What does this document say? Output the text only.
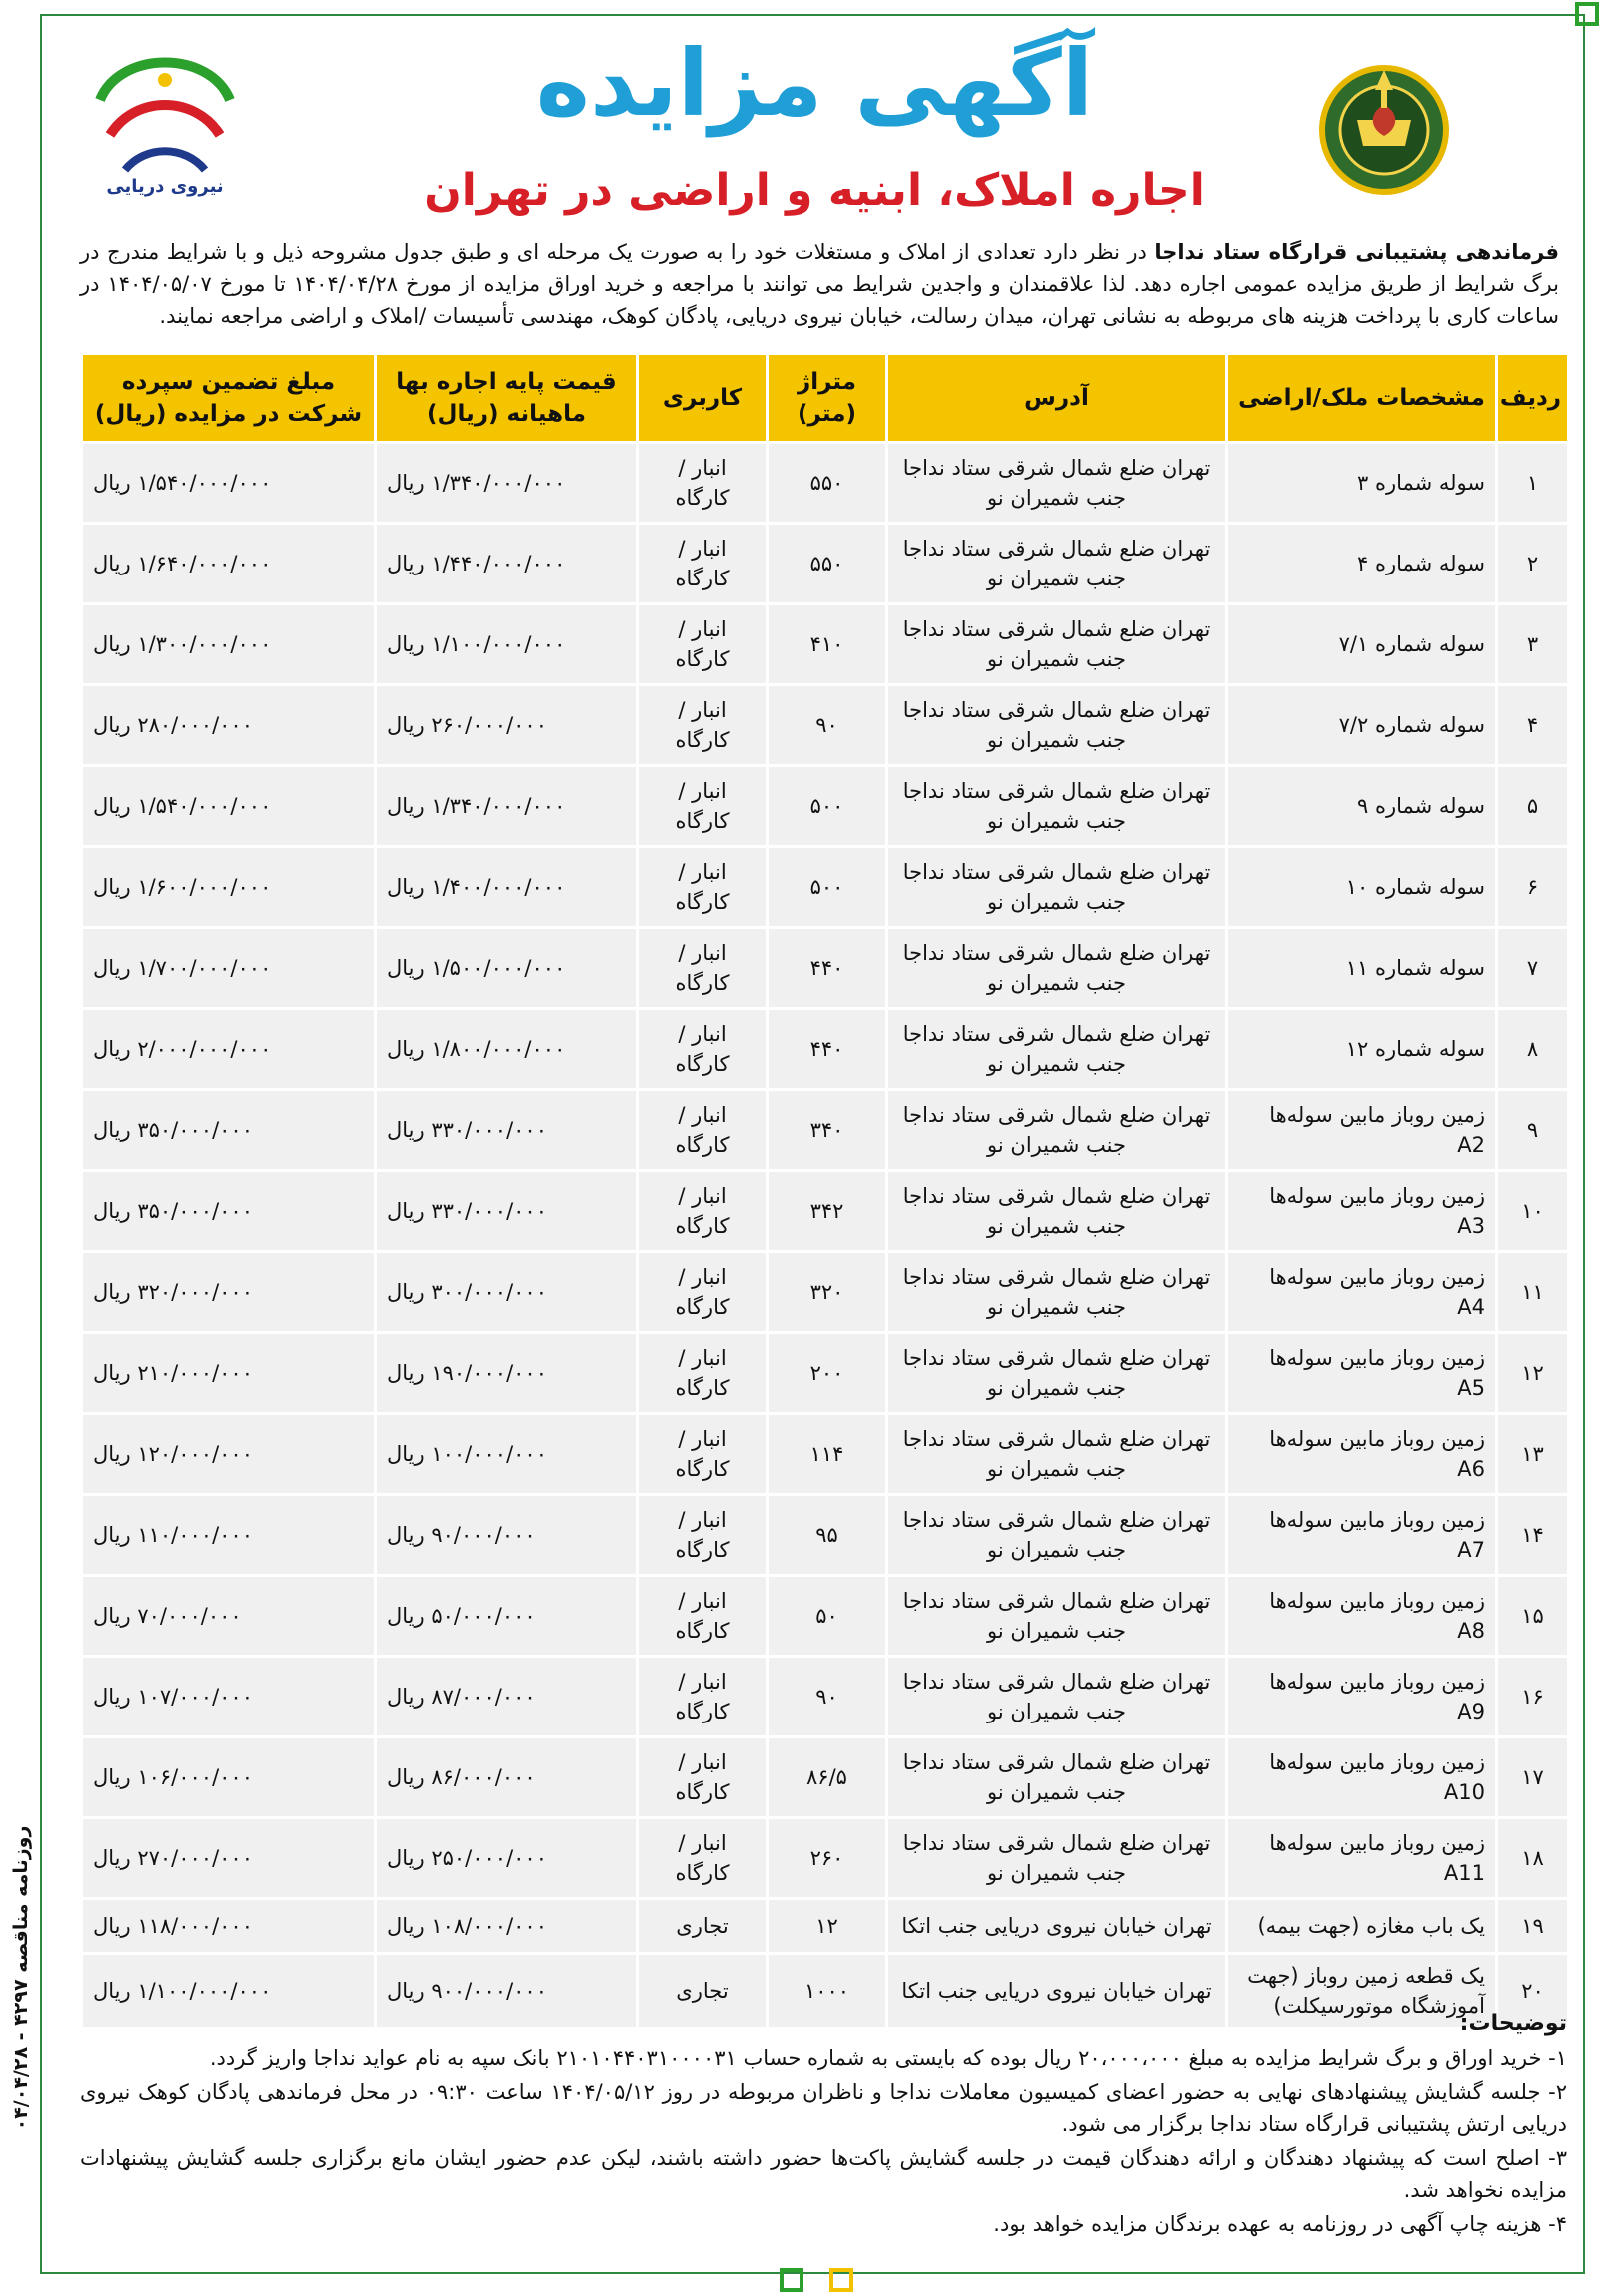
آگهی مزایده
اجاره املاک، ابنیه و اراضی در تهران
نیروی دریایی
فرماندهی پشتیبانی قرارگاه ستاد نداجا در نظر دارد تعدادی از املاک و مستغلات خود را به صورت یک مرحله ای و طبق جدول مشروحه ذیل و با شرایط مندرج در برگ شرایط از طریق مزایده عمومی اجاره دهد. لذا علاقمندان و واجدین شرایط می توانند با مراجعه و خرید اوراق مزایده از مورخ ۱۴۰۴/۰۴/۲۸ تا مورخ ۱۴۰۴/۰۵/۰۷ در ساعات کاری با پرداخت هزینه های مربوطه به نشانی تهران، میدان رسالت، خیابان نیروی دریایی، پادگان کوهک، مهندسی تأسیسات /املاک و اراضی مراجعه نمایند.
ردیف	مشخصات ملک/اراضی	آدرس	متراژ (متر)	کاربری	قیمت پایه اجاره بها ماهیانه (ریال)	مبلغ تضمین سپرده شرکت در مزایده (ریال)
۱	سوله شماره ۳	تهران ضلع شمال شرقی ستاد نداجا جنب شمیران نو	۵۵۰	انبار / کارگاه	۱/۳۴۰/۰۰۰/۰۰۰ ریال	۱/۵۴۰/۰۰۰/۰۰۰ ریال
۲	سوله شماره ۴	تهران ضلع شمال شرقی ستاد نداجا جنب شمیران نو	۵۵۰	انبار / کارگاه	۱/۴۴۰/۰۰۰/۰۰۰ ریال	۱/۶۴۰/۰۰۰/۰۰۰ ریال
۳	سوله شماره ۷/۱	تهران ضلع شمال شرقی ستاد نداجا جنب شمیران نو	۴۱۰	انبار / کارگاه	۱/۱۰۰/۰۰۰/۰۰۰ ریال	۱/۳۰۰/۰۰۰/۰۰۰ ریال
۴	سوله شماره ۷/۲	تهران ضلع شمال شرقی ستاد نداجا جنب شمیران نو	۹۰	انبار / کارگاه	۲۶۰/۰۰۰/۰۰۰ ریال	۲۸۰/۰۰۰/۰۰۰ ریال
۵	سوله شماره ۹	تهران ضلع شمال شرقی ستاد نداجا جنب شمیران نو	۵۰۰	انبار / کارگاه	۱/۳۴۰/۰۰۰/۰۰۰ ریال	۱/۵۴۰/۰۰۰/۰۰۰ ریال
۶	سوله شماره ۱۰	تهران ضلع شمال شرقی ستاد نداجا جنب شمیران نو	۵۰۰	انبار / کارگاه	۱/۴۰۰/۰۰۰/۰۰۰ ریال	۱/۶۰۰/۰۰۰/۰۰۰ ریال
۷	سوله شماره ۱۱	تهران ضلع شمال شرقی ستاد نداجا جنب شمیران نو	۴۴۰	انبار / کارگاه	۱/۵۰۰/۰۰۰/۰۰۰ ریال	۱/۷۰۰/۰۰۰/۰۰۰ ریال
۸	سوله شماره ۱۲	تهران ضلع شمال شرقی ستاد نداجا جنب شمیران نو	۴۴۰	انبار / کارگاه	۱/۸۰۰/۰۰۰/۰۰۰ ریال	۲/۰۰۰/۰۰۰/۰۰۰ ریال
۹	زمین روباز مابین سوله‌ها A2	تهران ضلع شمال شرقی ستاد نداجا جنب شمیران نو	۳۴۰	انبار / کارگاه	۳۳۰/۰۰۰/۰۰۰ ریال	۳۵۰/۰۰۰/۰۰۰ ریال
۱۰	زمین روباز مابین سوله‌ها A3	تهران ضلع شمال شرقی ستاد نداجا جنب شمیران نو	۳۴۲	انبار / کارگاه	۳۳۰/۰۰۰/۰۰۰ ریال	۳۵۰/۰۰۰/۰۰۰ ریال
۱۱	زمین روباز مابین سوله‌ها A4	تهران ضلع شمال شرقی ستاد نداجا جنب شمیران نو	۳۲۰	انبار / کارگاه	۳۰۰/۰۰۰/۰۰۰ ریال	۳۲۰/۰۰۰/۰۰۰ ریال
۱۲	زمین روباز مابین سوله‌ها A5	تهران ضلع شمال شرقی ستاد نداجا جنب شمیران نو	۲۰۰	انبار / کارگاه	۱۹۰/۰۰۰/۰۰۰ ریال	۲۱۰/۰۰۰/۰۰۰ ریال
۱۳	زمین روباز مابین سوله‌ها A6	تهران ضلع شمال شرقی ستاد نداجا جنب شمیران نو	۱۱۴	انبار / کارگاه	۱۰۰/۰۰۰/۰۰۰ ریال	۱۲۰/۰۰۰/۰۰۰ ریال
۱۴	زمین روباز مابین سوله‌ها A7	تهران ضلع شمال شرقی ستاد نداجا جنب شمیران نو	۹۵	انبار / کارگاه	۹۰/۰۰۰/۰۰۰ ریال	۱۱۰/۰۰۰/۰۰۰ ریال
۱۵	زمین روباز مابین سوله‌ها A8	تهران ضلع شمال شرقی ستاد نداجا جنب شمیران نو	۵۰	انبار / کارگاه	۵۰/۰۰۰/۰۰۰ ریال	۷۰/۰۰۰/۰۰۰ ریال
۱۶	زمین روباز مابین سوله‌ها A9	تهران ضلع شمال شرقی ستاد نداجا جنب شمیران نو	۹۰	انبار / کارگاه	۸۷/۰۰۰/۰۰۰ ریال	۱۰۷/۰۰۰/۰۰۰ ریال
۱۷	زمین روباز مابین سوله‌ها A10	تهران ضلع شمال شرقی ستاد نداجا جنب شمیران نو	۸۶/۵	انبار / کارگاه	۸۶/۰۰۰/۰۰۰ ریال	۱۰۶/۰۰۰/۰۰۰ ریال
۱۸	زمین روباز مابین سوله‌ها A11	تهران ضلع شمال شرقی ستاد نداجا جنب شمیران نو	۲۶۰	انبار / کارگاه	۲۵۰/۰۰۰/۰۰۰ ریال	۲۷۰/۰۰۰/۰۰۰ ریال
۱۹	یک باب مغازه (جهت بیمه)	تهران خیابان نیروی دریایی جنب اتکا	۱۲	تجاری	۱۰۸/۰۰۰/۰۰۰ ریال	۱۱۸/۰۰۰/۰۰۰ ریال
۲۰	یک قطعه زمین روباز (جهت آموزشگاه موتورسیکلت)	تهران خیابان نیروی دریایی جنب اتکا	۱۰۰۰	تجاری	۹۰۰/۰۰۰/۰۰۰ ریال	۱/۱۰۰/۰۰۰/۰۰۰ ریال
توضیحات:

۱- خرید اوراق و برگ شرایط مزایده به مبلغ ۲۰،۰۰۰،۰۰۰ ریال بوده که بایستی به شماره حساب ۲۱۰۱۰۴۴۰۳۱۰۰۰۰۳۱ بانک سپه به نام عواید نداجا واریز گردد.

۲- جلسه گشایش پیشنهادهای نهایی به حضور اعضای کمیسیون معاملات نداجا و ناظران مربوطه در روز ۱۴۰۴/۰۵/۱۲ ساعت ۰۹:۳۰ در محل فرماندهی پادگان کوهک نیروی دریایی ارتش پشتیبانی قرارگاه ستاد نداجا برگزار می شود.

۳- اصلح است که پیشنهاد دهندگان و ارائه دهندگان قیمت در جلسه گشایش پاکت‌ها حضور داشته باشند، لیکن عدم حضور ایشان مانع برگزاری جلسه گشایش پیشنهادات مزایده نخواهد شد.

۴- هزینه چاپ آگهی در روزنامه به عهده برندگان مزایده خواهد بود.

روزنامه مناقصه ۴۲۹۷ - ۰۴/۰۴/۲۸
